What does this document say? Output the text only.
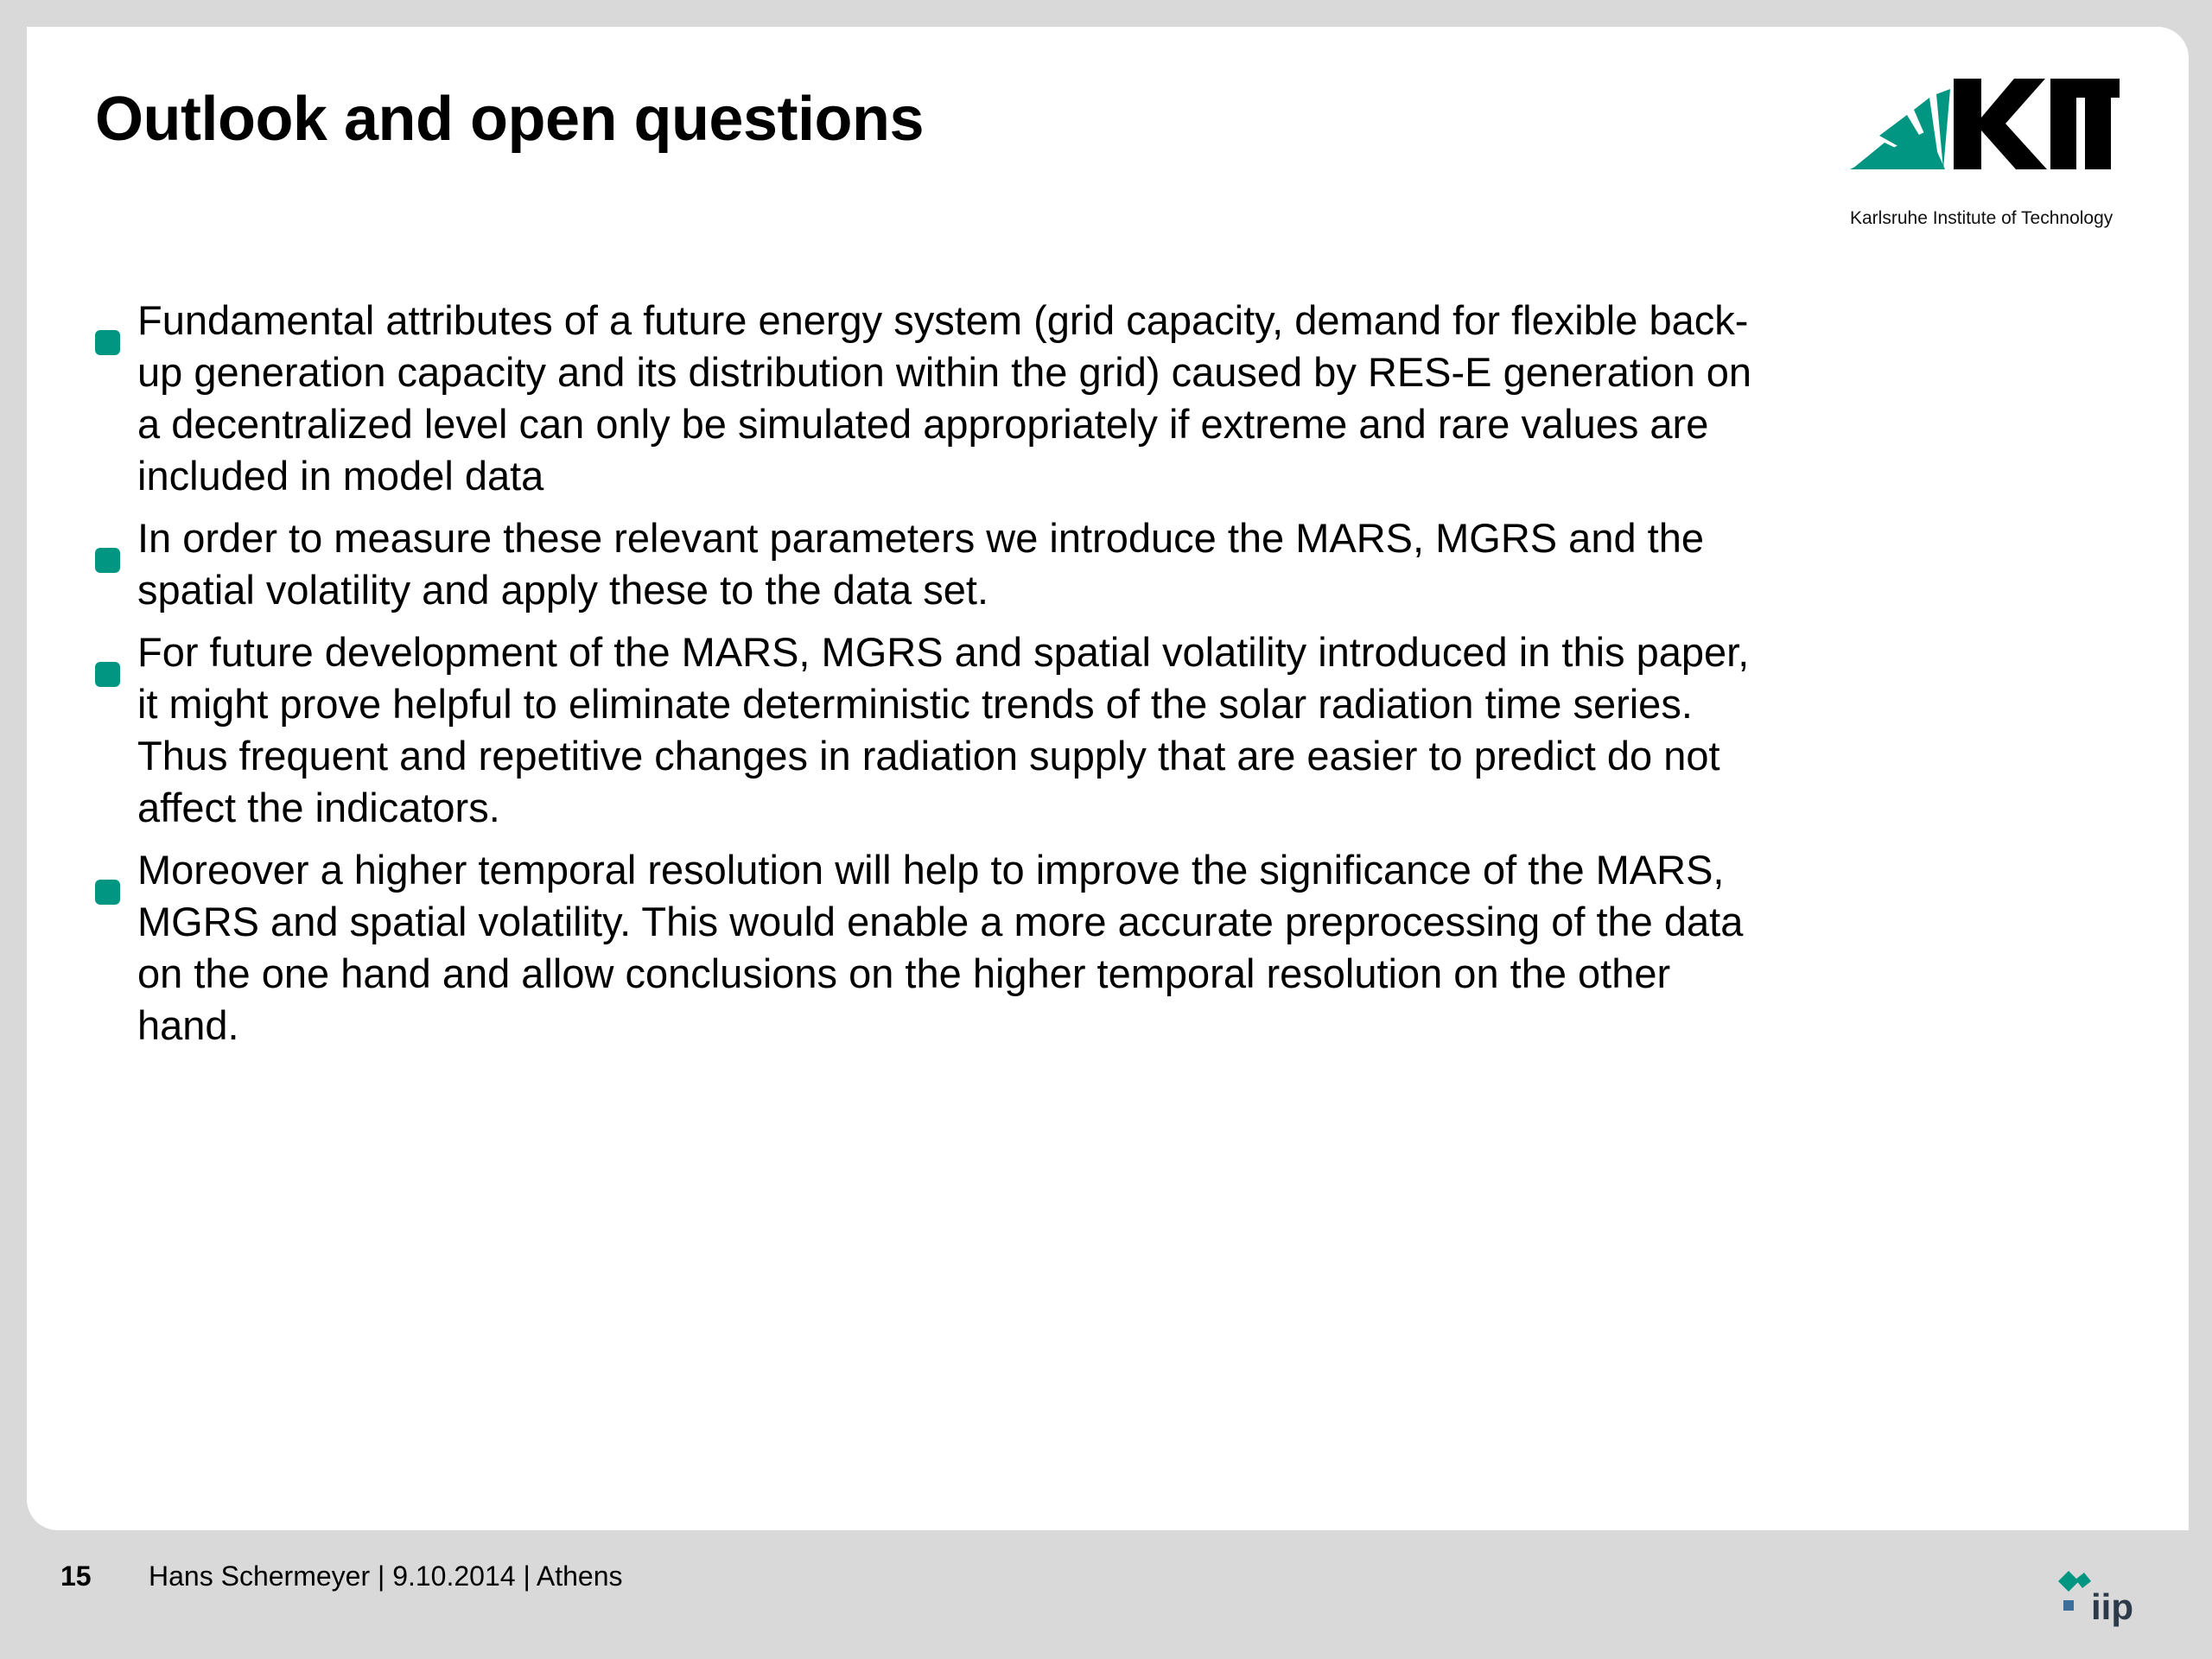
Outlook and open questions
Karlsruhe Institute of Technology
Fundamental attributes of a future energy system (grid capacity, demand for flexible back-up generation capacity and its distribution within the grid) caused by RES-E generation on a decentralized level can only be simulated appropriately if extreme and rare values are included in model data
In order to measure these relevant parameters we introduce the MARS, MGRS and the spatial volatility and apply these to the data set.
For future development of the MARS, MGRS and spatial volatility introduced in this paper, it might prove helpful to eliminate deterministic trends of the solar radiation time series. Thus frequent and repetitive changes in radiation supply that are easier to predict do not affect the indicators.
Moreover a higher temporal resolution will help to improve the significance of the MARS, MGRS and spatial volatility. This would enable a more accurate preprocessing of the data on the one hand and allow conclusions on the higher temporal resolution on the other hand.
15 Hans Schermeyer | 9.10.2014 | Athens
iip
